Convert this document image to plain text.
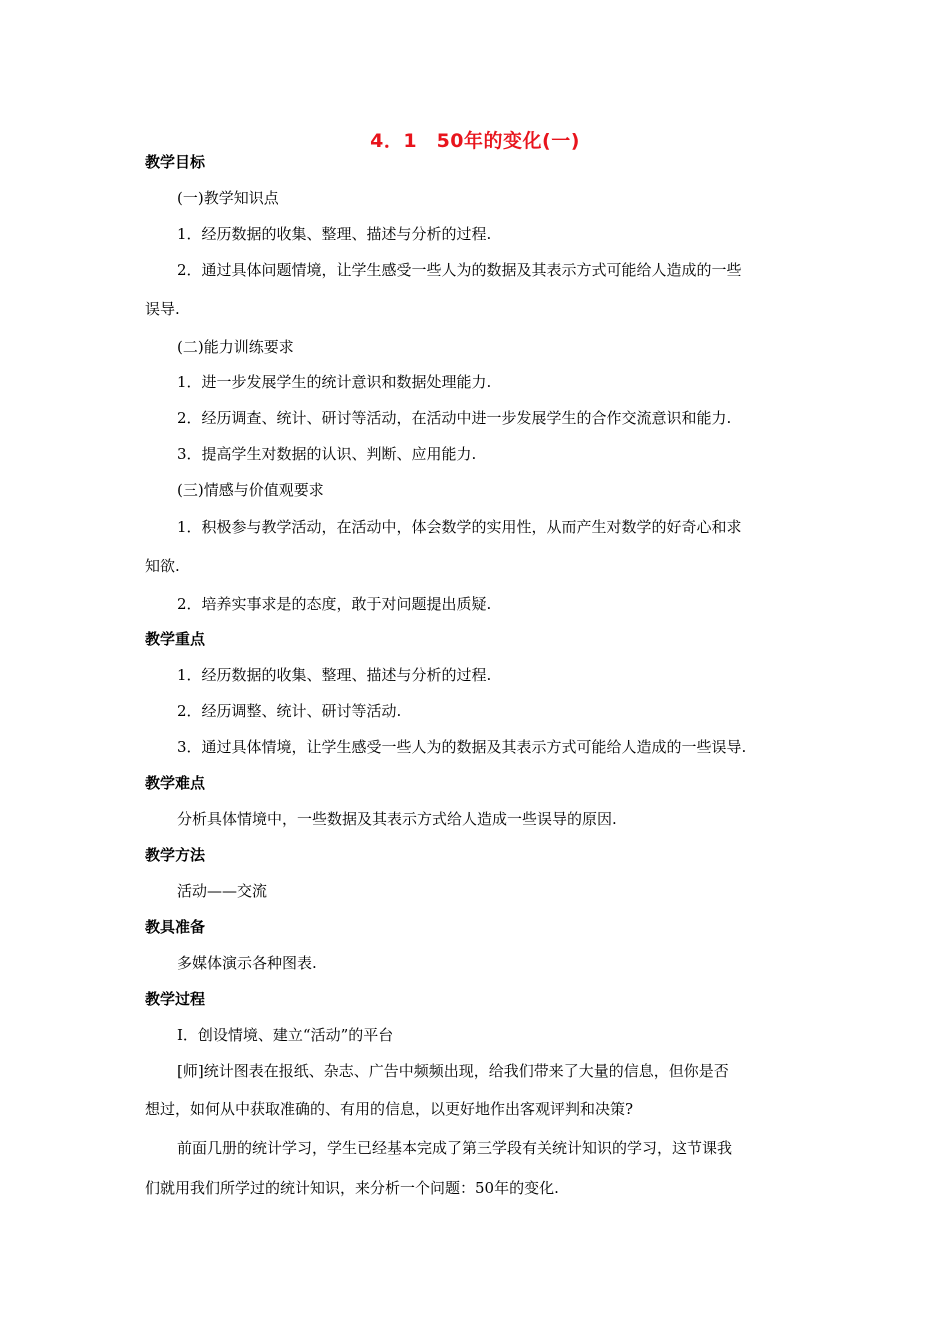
4．1　50年的变化(一)
教学目标
(一)教学知识点
1．经历数据的收集、整理、描述与分析的过程.
2．通过具体问题情境，让学生感受一些人为的数据及其表示方式可能给人造成的一些
误导.
(二)能力训练要求
1．进一步发展学生的统计意识和数据处理能力.
2．经历调查、统计、研讨等活动，在活动中进一步发展学生的合作交流意识和能力.
3．提高学生对数据的认识、判断、应用能力.
(三)情感与价值观要求
1．积极参与教学活动，在活动中，体会数学的实用性，从而产生对数学的好奇心和求
知欲.
2．培养实事求是的态度，敢于对问题提出质疑.
教学重点
1．经历数据的收集、整理、描述与分析的过程.
2．经历调整、统计、研讨等活动.
3．通过具体情境，让学生感受一些人为的数据及其表示方式可能给人造成的一些误导.
教学难点
分析具体情境中，一些数据及其表示方式给人造成一些误导的原因.
教学方法
活动——交流
教具准备
多媒体演示各种图表.
教学过程
Ⅰ．创设情境、建立“活动”的平台
[师]统计图表在报纸、杂志、广告中频频出现，给我们带来了大量的信息，但你是否
想过，如何从中获取准确的、有用的信息，以更好地作出客观评判和决策?
前面几册的统计学习，学生已经基本完成了第三学段有关统计知识的学习，这节课我
们就用我们所学过的统计知识，来分析一个问题：50年的变化.
